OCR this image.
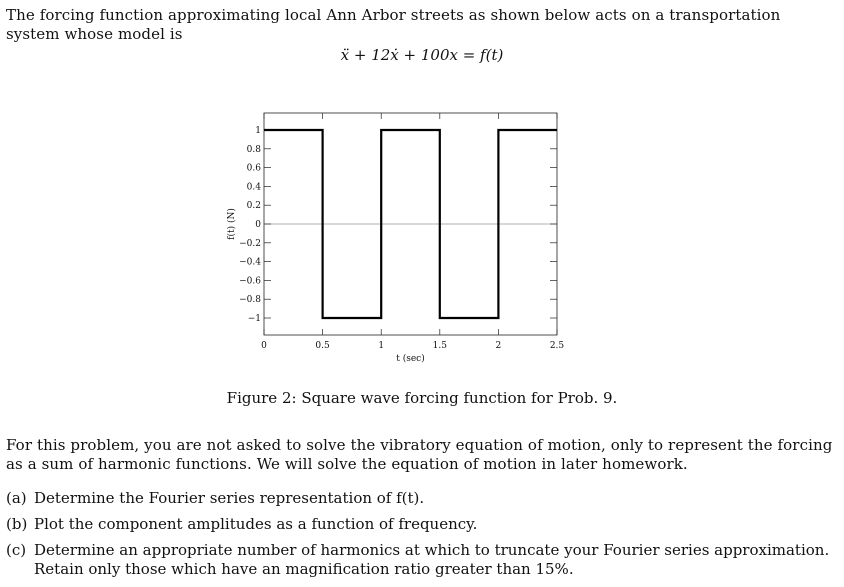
The forcing function approximating local Ann Arbor streets as shown below acts on a transportation system whose model is
ẍ + 12ẋ + 100x = f(t)
0	0.5	1	1.5	2	2.5
1
0.8
0.6
0.4
0.2
0
−0.2
−0.4
−0.6
−0.8
−1
t (sec)
f(t) (N)
Figure 2: Square wave forcing function for Prob. 9.
For this problem, you are not asked to solve the vibratory equation of motion, only to represent the forcing as a sum of harmonic functions. We will solve the equation of motion in later homework.
(a) Determine the Fourier series representation of f(t).
(b) Plot the component amplitudes as a function of frequency.
(c) Determine an appropriate number of harmonics at which to truncate your Fourier series approximation. Retain only those which have an magnification ratio greater than 15%.
